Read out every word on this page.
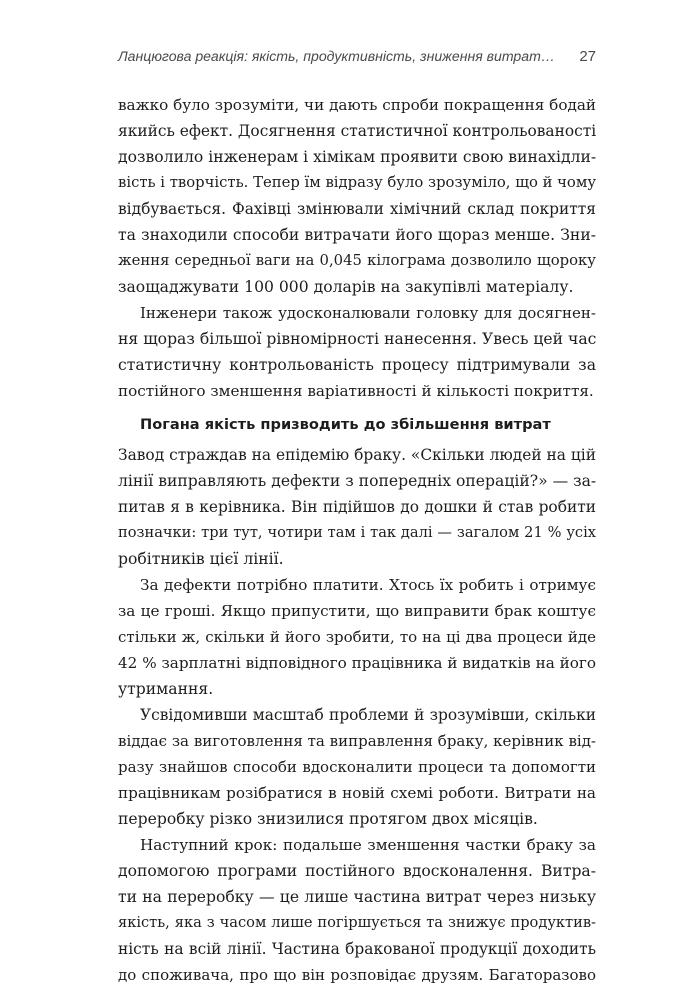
Ланцюгова реакція: якість, продуктивність, зниження витрат… 27
важко було зрозуміти, чи дають спроби покращення бодай
якийсь ефект. Досягнення статистичної контрольованості
дозволило інженерам і хімікам проявити свою винахідли-
вість і творчість. Тепер їм відразу було зрозуміло, що й чому
відбувається. Фахівці змінювали хімічний склад покриття
та знаходили способи витрачати його щораз менше. Зни-
ження середньої ваги на 0,045 кілограма дозволило щороку
заощаджувати 100 000 доларів на закупівлі матеріалу.
Інженери також удосконалювали головку для досягнен-
ня щораз більшої рівномірності нанесення. Увесь цей час
статистичну контрольованість процесу підтримували за
постійного зменшення варіативності й кількості покриття.
Погана якість призводить до збільшення витрат
Завод страждав на епідемію браку. «Скільки людей на цій
лінії виправляють дефекти з попередніх операцій?» — за-
питав я в керівника. Він підійшов до дошки й став робити
позначки: три тут, чотири там і так далі — загалом 21 % усіх
робітників цієї лінії.
За дефекти потрібно платити. Хтось їх робить і отримує
за це гроші. Якщо припустити, що виправити брак коштує
стільки ж, скільки й його зробити, то на ці два процеси йде
42 % зарплатні відповідного працівника й видатків на його
утримання.
Усвідомивши масштаб проблеми й зрозумівши, скільки
віддає за виготовлення та виправлення браку, керівник від-
разу знайшов способи вдосконалити процеси та допомогти
працівникам розібратися в новій схемі роботи. Витрати на
переробку різко знизилися протягом двох місяців.
Наступний крок: подальше зменшення частки браку за
допомогою програми постійного вдосконалення. Витра-
ти на переробку — це лише частина витрат через низьку
якість, яка з часом лише погіршується та знижує продуктив-
ність на всій лінії. Частина бракованої продукції доходить
до споживача, про що він розповідає друзям. Багаторазово
